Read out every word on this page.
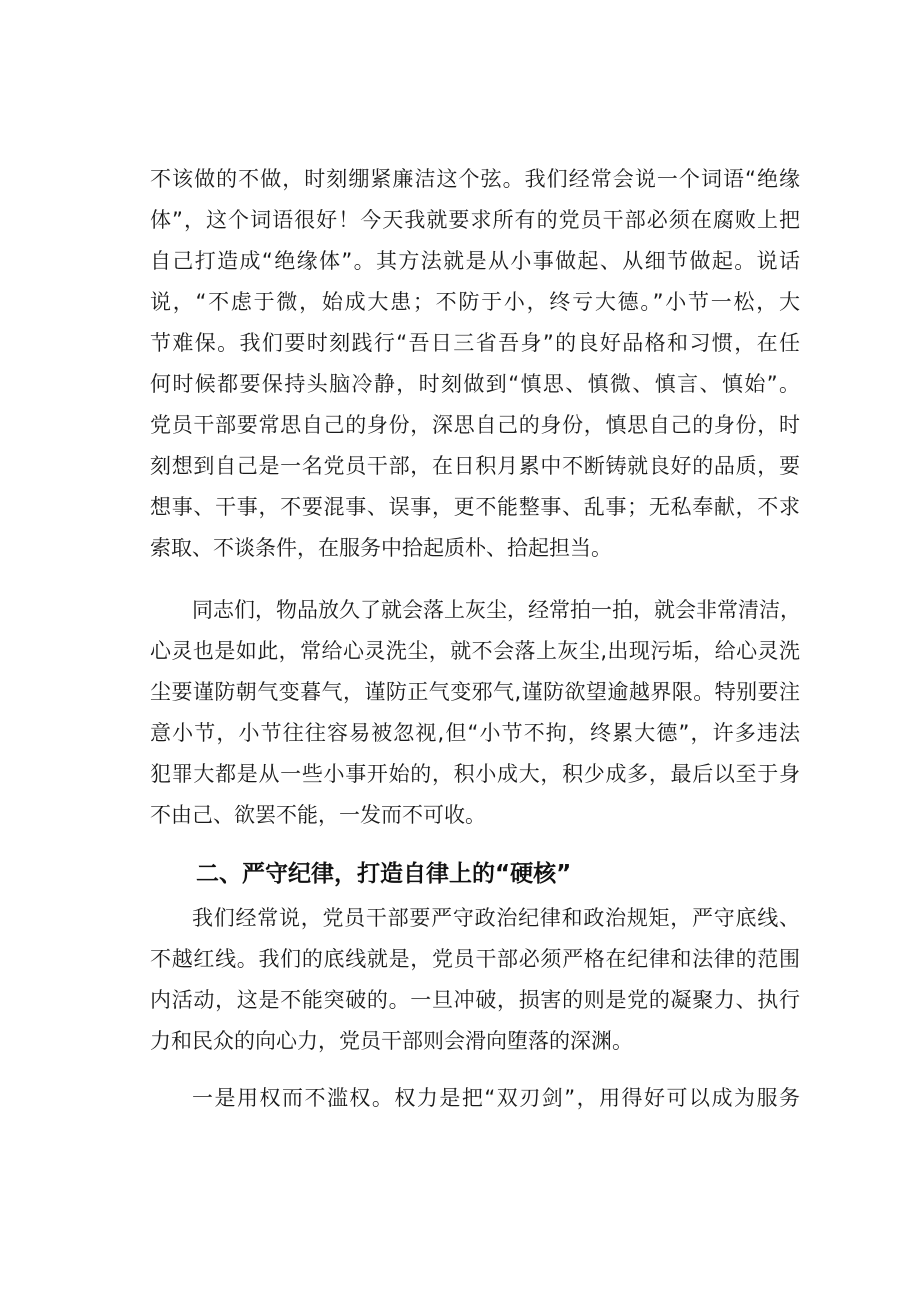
不该做的不做，时刻绷紧廉洁这个弦。我们经常会说一个词语“绝缘
体”，这个词语很好！今天我就要求所有的党员干部必须在腐败上把
自己打造成“绝缘体”。其方法就是从小事做起、从细节做起。说话
说，“不虑于微，始成大患；不防于小，终亏大德。”小节一松，大
节难保。我们要时刻践行“吾日三省吾身”的良好品格和习惯，在任
何时候都要保持头脑冷静，时刻做到“慎思、慎微、慎言、慎始”。
党员干部要常思自己的身份，深思自己的身份，慎思自己的身份，时
刻想到自己是一名党员干部，在日积月累中不断铸就良好的品质，要
想事、干事，不要混事、误事，更不能整事、乱事；无私奉献，不求
索取、不谈条件，在服务中拾起质朴、拾起担当。
同志们，物品放久了就会落上灰尘，经常拍一拍，就会非常清洁，
心灵也是如此，常给心灵洗尘，就不会落上灰尘,出现污垢，给心灵洗
尘要谨防朝气变暮气，谨防正气变邪气,谨防欲望逾越界限。特别要注
意小节，小节往往容易被忽视,但“小节不拘，终累大德”，许多违法
犯罪大都是从一些小事开始的，积小成大，积少成多，最后以至于身
不由己、欲罢不能，一发而不可收。
二、严守纪律，打造自律上的“硬核”
我们经常说，党员干部要严守政治纪律和政治规矩，严守底线、
不越红线。我们的底线就是，党员干部必须严格在纪律和法律的范围
内活动，这是不能突破的。一旦冲破，损害的则是党的凝聚力、执行
力和民众的向心力，党员干部则会滑向堕落的深渊。
一是用权而不滥权。权力是把“双刃剑”，用得好可以成为服务
